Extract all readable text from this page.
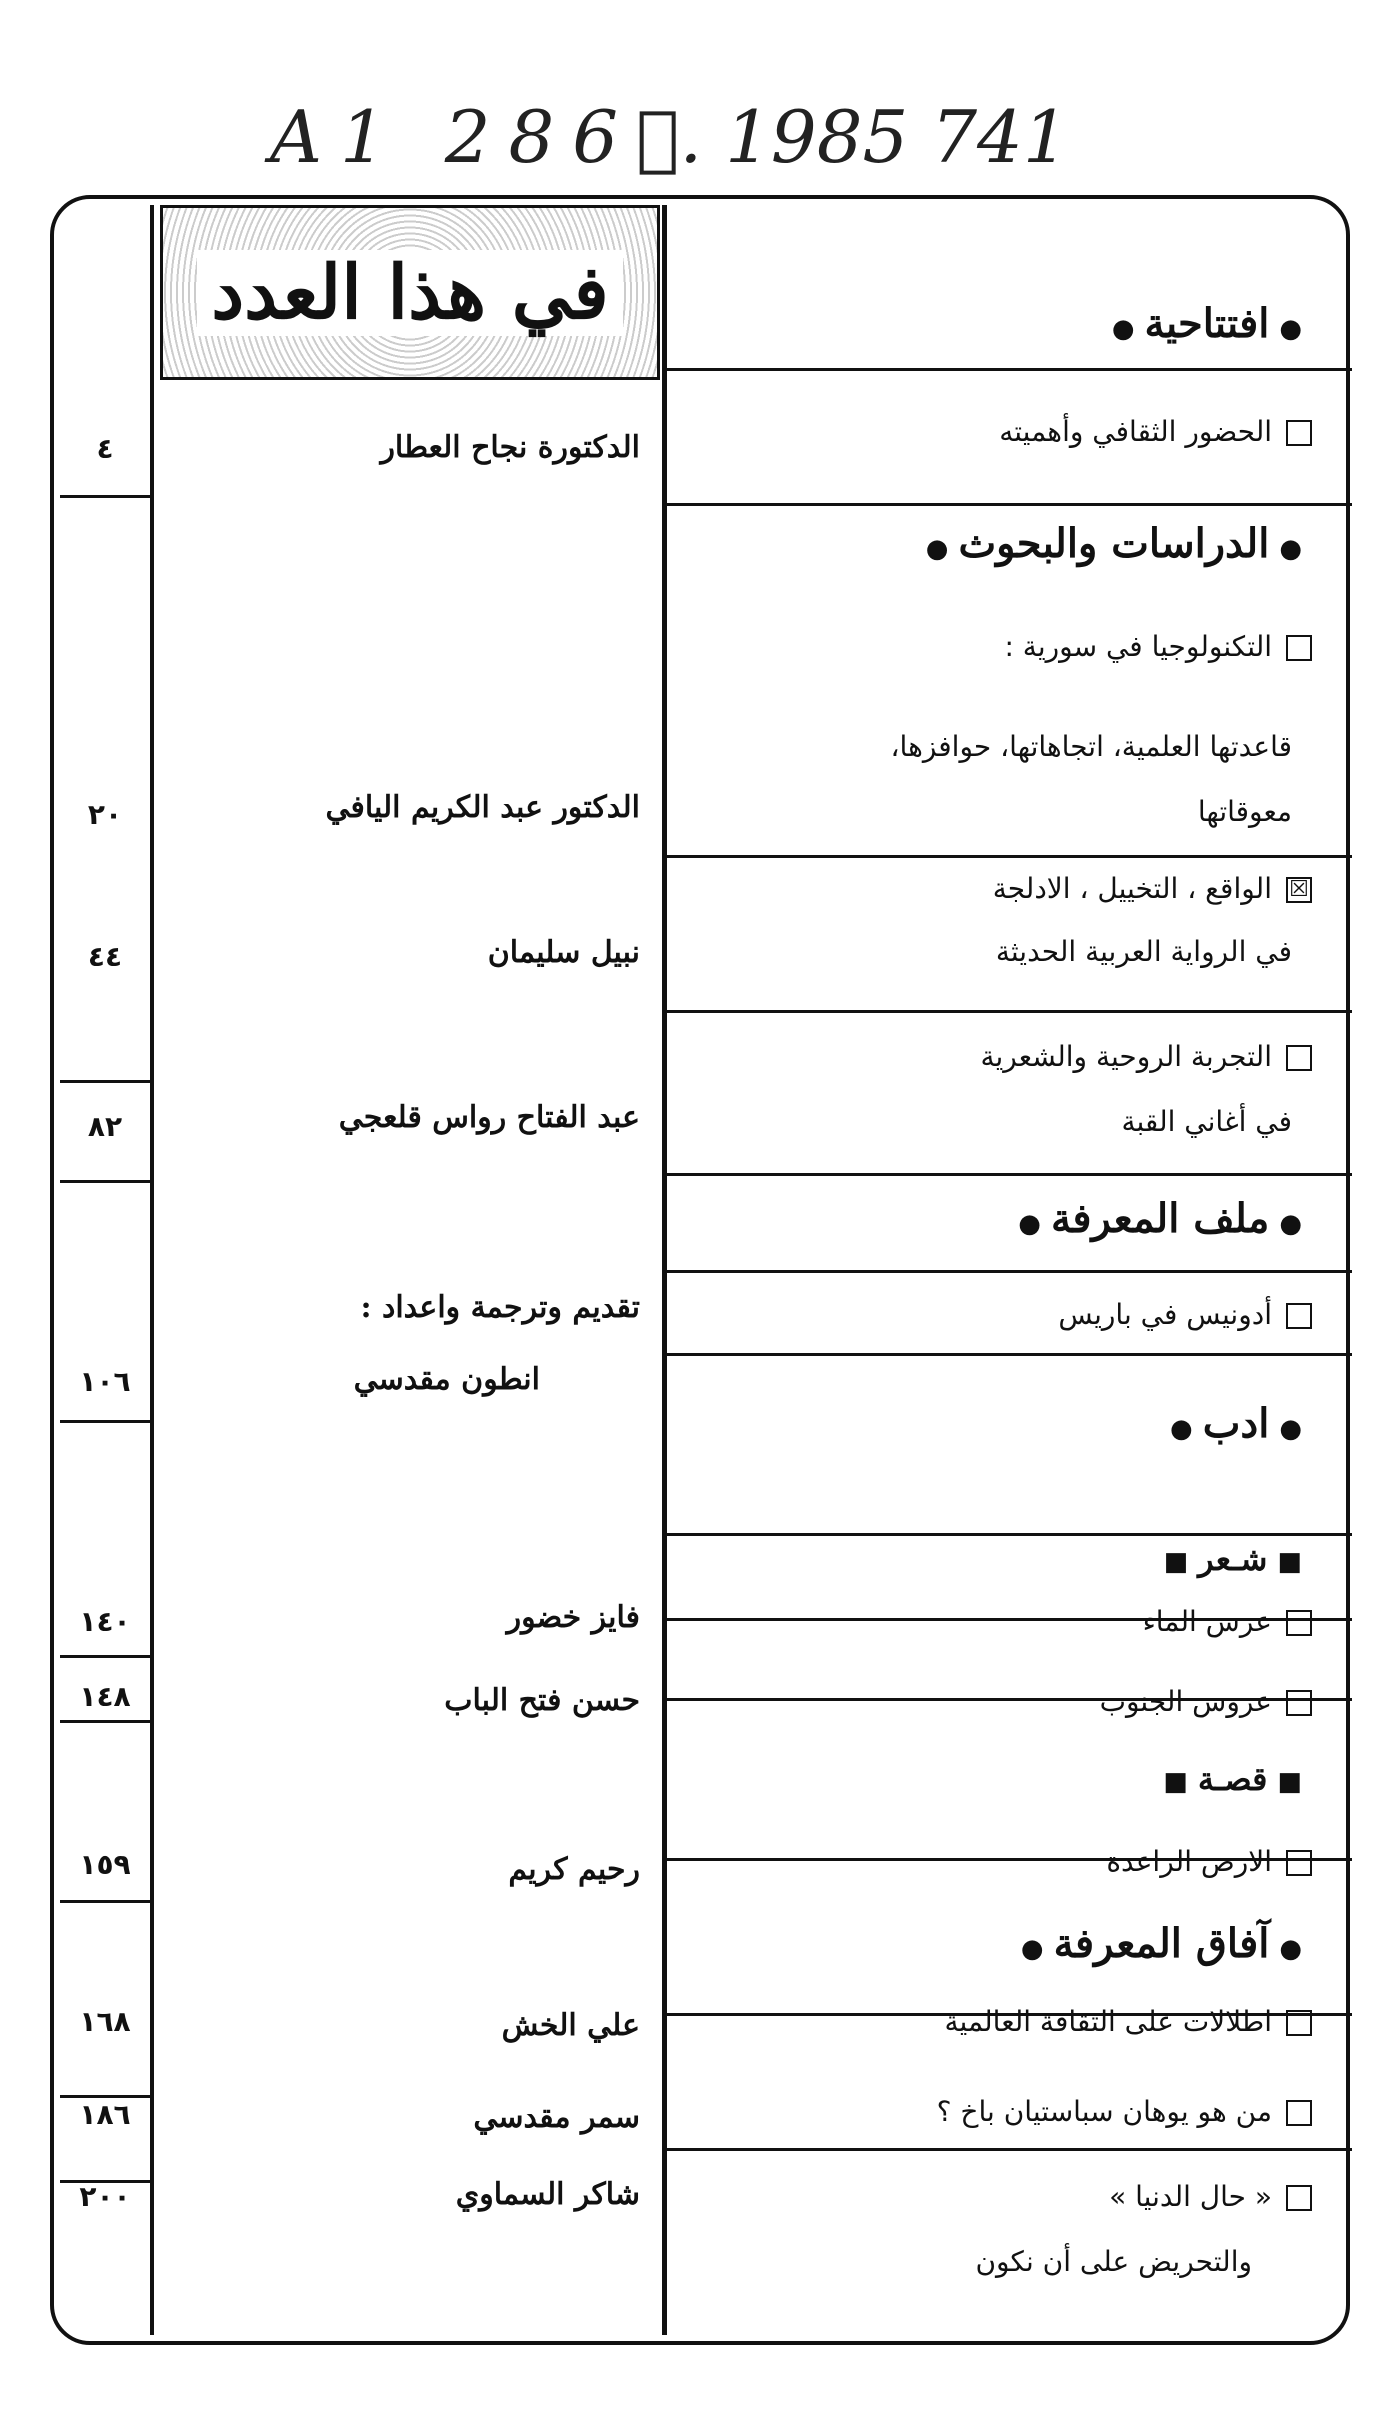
A1 286.ٍ 1985 741
في هذا العدد	●افتتاحية●
الحضور الثقافي وأهميته
الدكتورة نجاح العطار
٤
●الدراسات والبحوث●
التكنولوجيا في سورية :
قاعدتها العلمية، اتجاهاتها، حوافزها،
معوقاتها
الدكتور عبد الكريم اليافي
٢٠
☒الواقع ، التخييل ، الادلجة
في الرواية العربية الحديثة
نبيل سليمان
٤٤
التجربة الروحية والشعرية
في أغاني القبة
عبد الفتاح رواس قلعجي
٨٢
●ملف المعرفة●
أدونيس في باريس
تقديم وترجمة واعداد :
انطون مقدسي
١٠٦
●ادب●
■شـعر■
عرس الماء
فايز خضور
١٤٠
عروس الجنوب
حسن فتح الباب
١٤٨
■قصـة■
الارض الراعدة
رحيم كريم
١٥٩
●آفاق المعرفة●
اطلالات على الثقافة العالمية
علي الخش
١٦٨
من هو يوهان سباستيان باخ ؟
سمر مقدسي
١٨٦
« حال الدنيا »
والتحريض على أن نكون
شاكر السماوي
٢٠٠
